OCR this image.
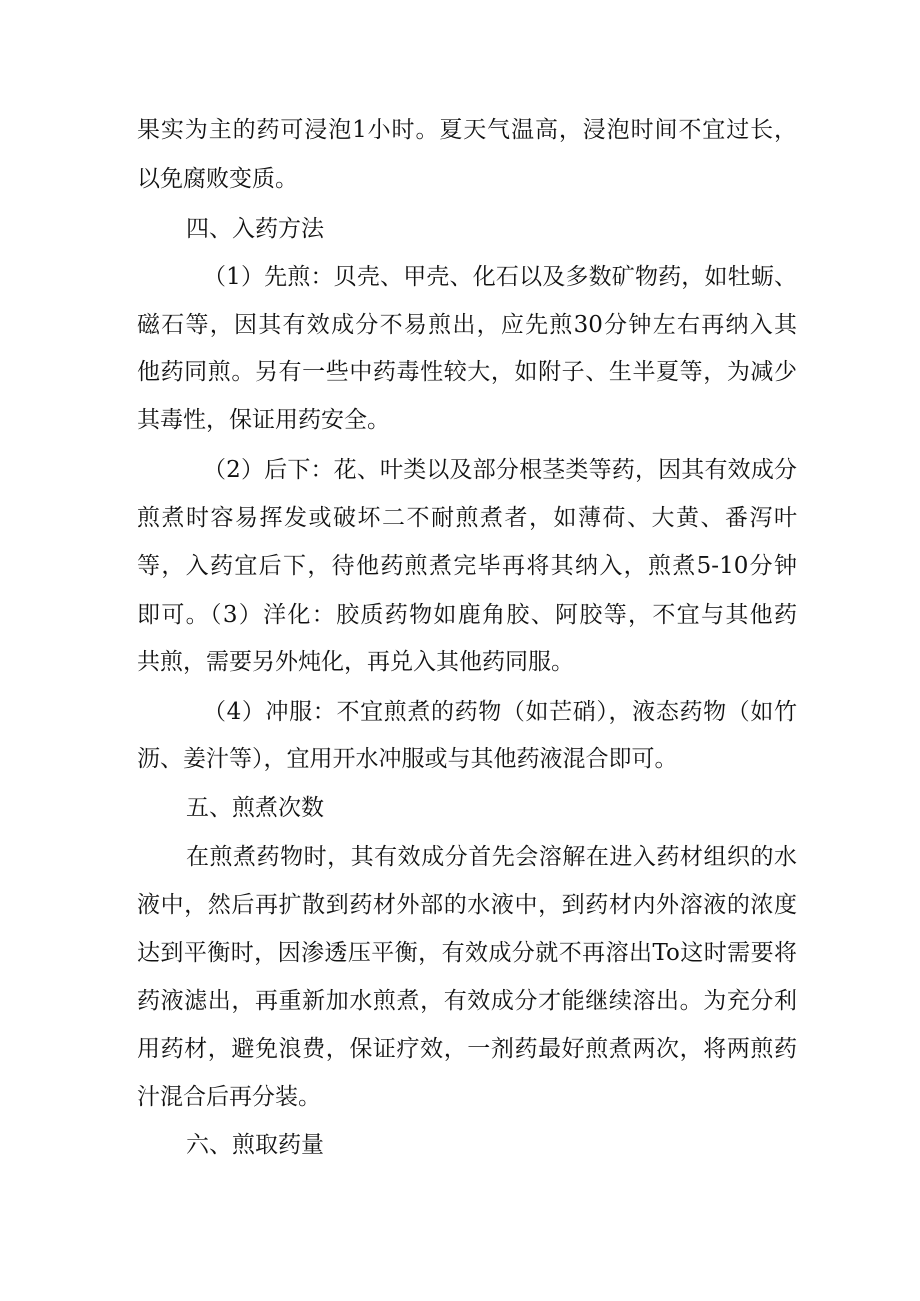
果实为主的药可浸泡1小时。夏天气温高，浸泡时间不宜过长，
以免腐败变质。
四、入药方法
（1）先煎：贝壳、甲壳、化石以及多数矿物药，如牡蛎、
磁石等，因其有效成分不易煎出，应先煎30分钟左右再纳入其
他药同煎。另有一些中药毒性较大，如附子、生半夏等，为减少
其毒性，保证用药安全。
（2）后下：花、叶类以及部分根茎类等药，因其有效成分
煎煮时容易挥发或破坏二不耐煎煮者，如薄荷、大黄、番泻叶
等，入药宜后下，待他药煎煮完毕再将其纳入，煎煮5-10分钟
即可。（3）洋化：胶质药物如鹿角胶、阿胶等，不宜与其他药
共煎，需要另外炖化，再兑入其他药同服。
（4）冲服：不宜煎煮的药物（如芒硝），液态药物（如竹
沥、姜汁等），宜用开水冲服或与其他药液混合即可。
五、煎煮次数
在煎煮药物时，其有效成分首先会溶解在进入药材组织的水
液中，然后再扩散到药材外部的水液中，到药材内外溶液的浓度
达到平衡时，因渗透压平衡，有效成分就不再溶出To这时需要将
药液滤出，再重新加水煎煮，有效成分才能继续溶出。为充分利
用药材，避免浪费，保证疗效，一剂药最好煎煮两次，将两煎药
汁混合后再分装。
六、煎取药量
